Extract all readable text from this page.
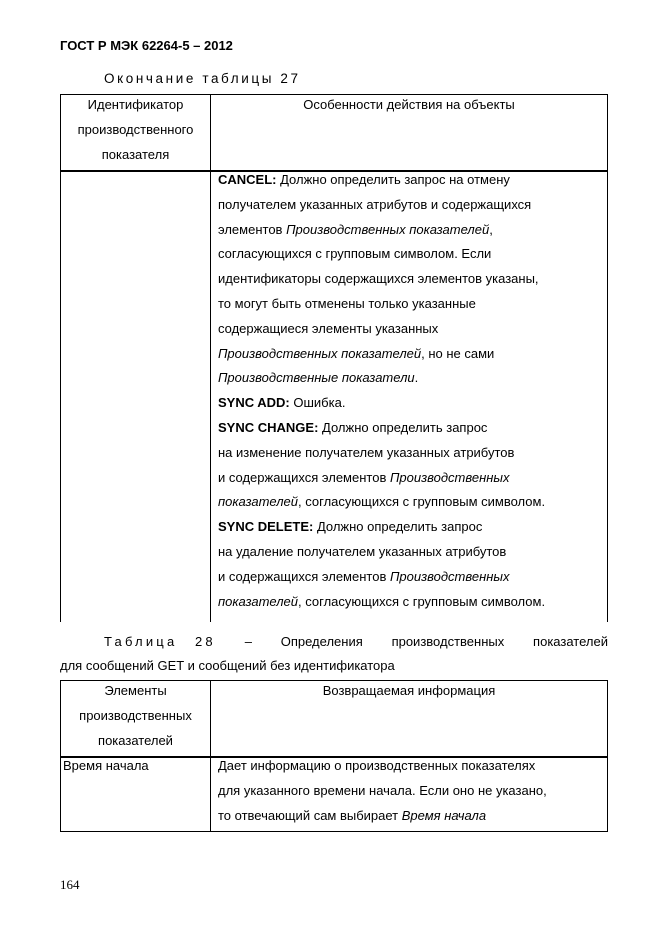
ГОСТ Р МЭК 62264-5 – 2012
Окончание таблицы 27
Идентификатор
производственного
показателя
Особенности действия на объекты
CANCEL: Должно определить запрос на отмену
получателем указанных атрибутов и содержащихся
элементов Производственных показателей,
согласующихся с групповым символом. Если
идентификаторы содержащихся элементов указаны,
то могут быть отменены только указанные
содержащиеся элементы указанных
Производственных показателей, но не сами
Производственные показатели.
SYNC ADD: Ошибка.
SYNC CHANGE: Должно определить запрос
на изменение получателем указанных атрибутов
и содержащихся элементов Производственных
показателей, согласующихся с групповым символом.
SYNC DELETE: Должно определить запрос
на удаление получателем указанных атрибутов
и содержащихся элементов Производственных
показателей, согласующихся с групповым символом.
Таблица 28 – Определения производственных показателей
для сообщений GET и сообщений без идентификатора
Элементы
производственных
показателей
Возвращаемая информация
Время начала	Дает информацию о производственных показателях
для указанного времени начала. Если оно не указано,
то отвечающий сам выбирает Время начала
164
